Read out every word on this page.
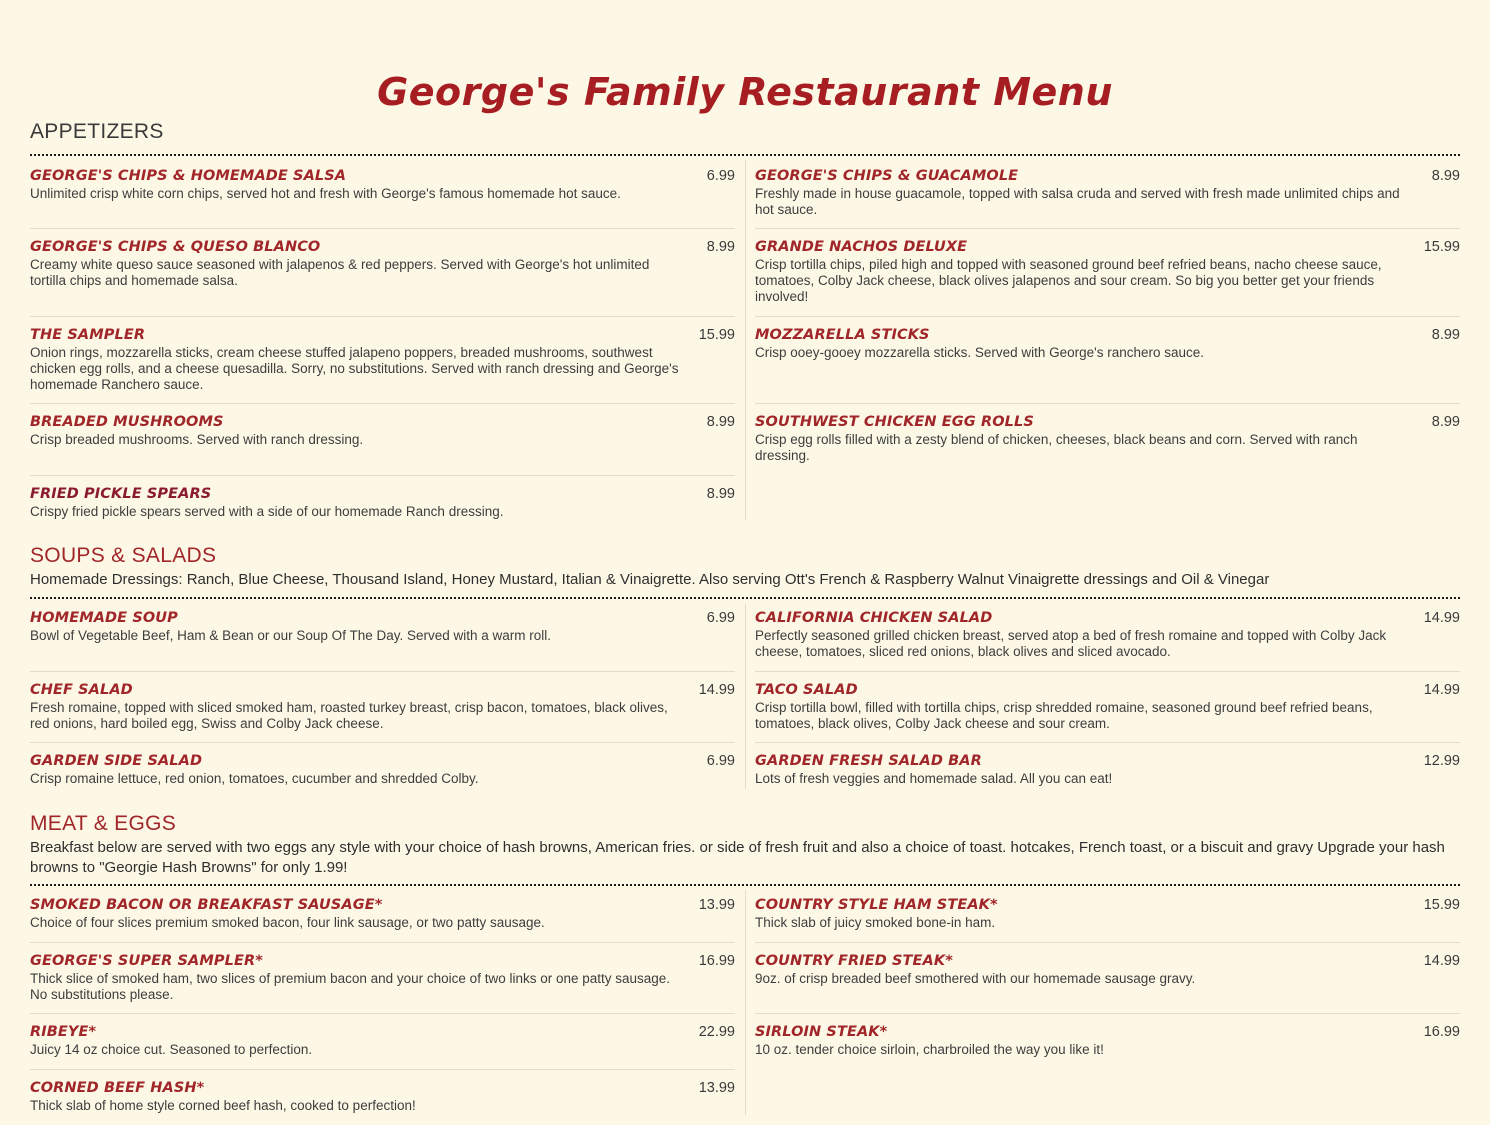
George's Family Restaurant Menu
APPETIZERS
GEORGE'S CHIPS & HOMEMADE SALSA	6.99
Unlimited crisp white corn chips, served hot and fresh with George's famous homemade hot sauce.
GEORGE'S CHIPS & GUACAMOLE	8.99
Freshly made in house guacamole, topped with salsa cruda and served with fresh made unlimited chips and hot sauce.
GEORGE'S CHIPS & QUESO BLANCO	8.99
Creamy white queso sauce seasoned with jalapenos & red peppers. Served with George's hot unlimited tortilla chips and homemade salsa.
GRANDE NACHOS DELUXE	15.99
Crisp tortilla chips, piled high and topped with seasoned ground beef refried beans, nacho cheese sauce, tomatoes, Colby Jack cheese, black olives jalapenos and sour cream. So big you better get your friends involved!
THE SAMPLER	15.99
Onion rings, mozzarella sticks, cream cheese stuffed jalapeno poppers, breaded mushrooms, southwest chicken egg rolls, and a cheese quesadilla. Sorry, no substitutions. Served with ranch dressing and George's homemade Ranchero sauce.
MOZZARELLA STICKS	8.99
Crisp ooey-gooey mozzarella sticks. Served with George's ranchero sauce.
BREADED MUSHROOMS	8.99
Crisp breaded mushrooms. Served with ranch dressing.
SOUTHWEST CHICKEN EGG ROLLS	8.99
Crisp egg rolls filled with a zesty blend of chicken, cheeses, black beans and corn. Served with ranch dressing.
FRIED PICKLE SPEARS	8.99
Crispy fried pickle spears served with a side of our homemade Ranch dressing.
SOUPS & SALADS
Homemade Dressings: Ranch, Blue Cheese, Thousand Island, Honey Mustard, Italian & Vinaigrette. Also serving Ott's French & Raspberry Walnut Vinaigrette dressings and Oil & Vinegar
HOMEMADE SOUP	6.99
Bowl of Vegetable Beef, Ham & Bean or our Soup Of The Day. Served with a warm roll.
CALIFORNIA CHICKEN SALAD	14.99
Perfectly seasoned grilled chicken breast, served atop a bed of fresh romaine and topped with Colby Jack cheese, tomatoes, sliced red onions, black olives and sliced avocado.
CHEF SALAD	14.99
Fresh romaine, topped with sliced smoked ham, roasted turkey breast, crisp bacon, tomatoes, black olives, red onions, hard boiled egg, Swiss and Colby Jack cheese.
TACO SALAD	14.99
Crisp tortilla bowl, filled with tortilla chips, crisp shredded romaine, seasoned ground beef refried beans, tomatoes, black olives, Colby Jack cheese and sour cream.
GARDEN SIDE SALAD	6.99
Crisp romaine lettuce, red onion, tomatoes, cucumber and shredded Colby.
GARDEN FRESH SALAD BAR	12.99
Lots of fresh veggies and homemade salad. All you can eat!
MEAT & EGGS
Breakfast below are served with two eggs any style with your choice of hash browns, American fries. or side of fresh fruit and also a choice of toast. hotcakes, French toast, or a biscuit and gravy Upgrade your hash browns to "Georgie Hash Browns" for only 1.99!
SMOKED BACON OR BREAKFAST SAUSAGE*	13.99
Choice of four slices premium smoked bacon, four link sausage, or two patty sausage.
COUNTRY STYLE HAM STEAK*	15.99
Thick slab of juicy smoked bone-in ham.
GEORGE'S SUPER SAMPLER*	16.99
Thick slice of smoked ham, two slices of premium bacon and your choice of two links or one patty sausage. No substitutions please.
COUNTRY FRIED STEAK*	14.99
9oz. of crisp breaded beef smothered with our homemade sausage gravy.
RIBEYE*	22.99
Juicy 14 oz choice cut. Seasoned to perfection.
SIRLOIN STEAK*	16.99
10 oz. tender choice sirloin, charbroiled the way you like it!
CORNED BEEF HASH*	13.99
Thick slab of home style corned beef hash, cooked to perfection!
